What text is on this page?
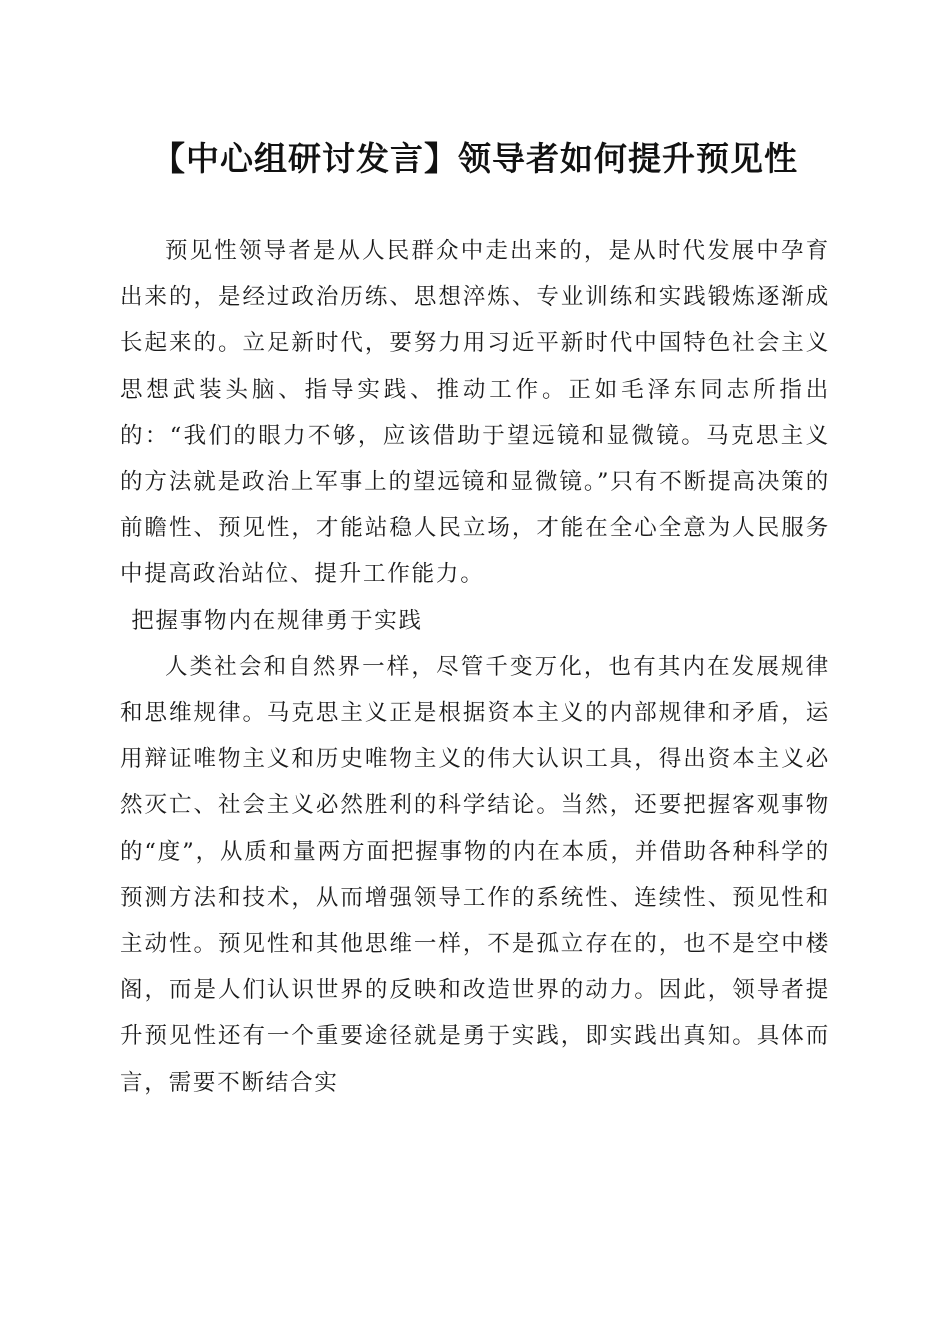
【中心组研讨发言】领导者如何提升预见性

预见性领导者是从人民群众中走出来的，是从时代发展中孕育出来的，是经过政治历练、思想淬炼、专业训练和实践锻炼逐渐成长起来的。立足新时代，要努力用习近平新时代中国特色社会主义思想武装头脑、指导实践、推动工作。正如毛泽东同志所指出的：“我们的眼力不够，应该借助于望远镜和显微镜。马克思主义的方法就是政治上军事上的望远镜和显微镜。”只有不断提高决策的前瞻性、预见性，才能站稳人民立场，才能在全心全意为人民服务中提高政治站位、提升工作能力。

把握事物内在规律勇于实践

人类社会和自然界一样，尽管千变万化，也有其内在发展规律和思维规律。马克思主义正是根据资本主义的内部规律和矛盾，运用辩证唯物主义和历史唯物主义的伟大认识工具，得出资本主义必然灭亡、社会主义必然胜利的科学结论。当然，还要把握客观事物的“度”，从质和量两方面把握事物的内在本质，并借助各种科学的预测方法和技术，从而增强领导工作的系统性、连续性、预见性和主动性。预见性和其他思维一样，不是孤立存在的，也不是空中楼阁，而是人们认识世界的反映和改造世界的动力。因此，领导者提升预见性还有一个重要途径就是勇于实践，即实践出真知。具体而言，需要不断结合实
